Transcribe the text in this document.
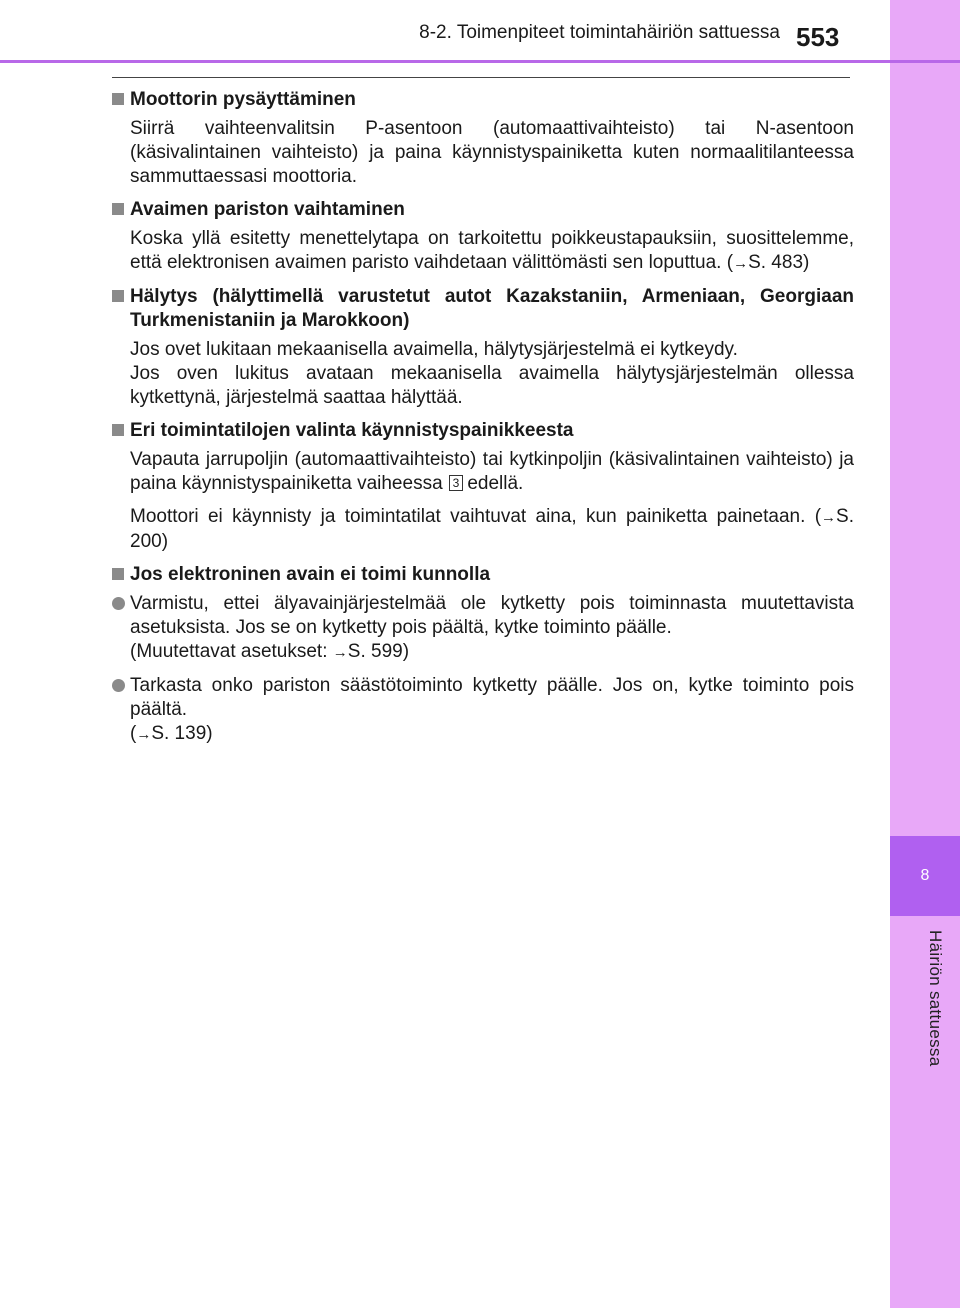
8
Häiriön sattuessa
8-2. Toimenpiteet toimintahäiriön sattuessa 553
Moottorin pysäyttäminen
Siirrä vaihteenvalitsin P-asentoon (automaattivaihteisto) tai N-asentoon (käsivalintainen vaihteisto) ja paina käynnistyspainiketta kuten normaalitilanteessa sammuttaessasi moottoria.
Avaimen pariston vaihtaminen
Koska yllä esitetty menettelytapa on tarkoitettu poikkeustapauksiin, suosittelemme, että elektronisen avaimen paristo vaihdetaan välittömästi sen loputtua. (→S. 483)
Hälytys (hälyttimellä varustetut autot Kazakstaniin, Armeniaan, Georgiaan Turkmenistaniin ja Marokkoon)
Jos ovet lukitaan mekaanisella avaimella, hälytysjärjestelmä ei kytkeydy.
Jos oven lukitus avataan mekaanisella avaimella hälytysjärjestelmän ollessa kytkettynä, järjestelmä saattaa hälyttää.
Eri toimintatilojen valinta käynnistyspainikkeesta
Vapauta jarrupoljin (automaattivaihteisto) tai kytkinpoljin (käsivalintainen vaihteisto) ja paina käynnistyspainiketta vaiheessa 3 edellä.
Moottori ei käynnisty ja toimintatilat vaihtuvat aina, kun painiketta painetaan. (→S. 200)
Jos elektroninen avain ei toimi kunnolla
Varmistu, ettei älyavainjärjestelmää ole kytketty pois toiminnasta muutettavista asetuksista. Jos se on kytketty pois päältä, kytke toiminto päälle.
(Muutettavat asetukset: →S. 599)
Tarkasta onko pariston säästötoiminto kytketty päälle. Jos on, kytke toiminto pois päältä.
(→S. 139)
